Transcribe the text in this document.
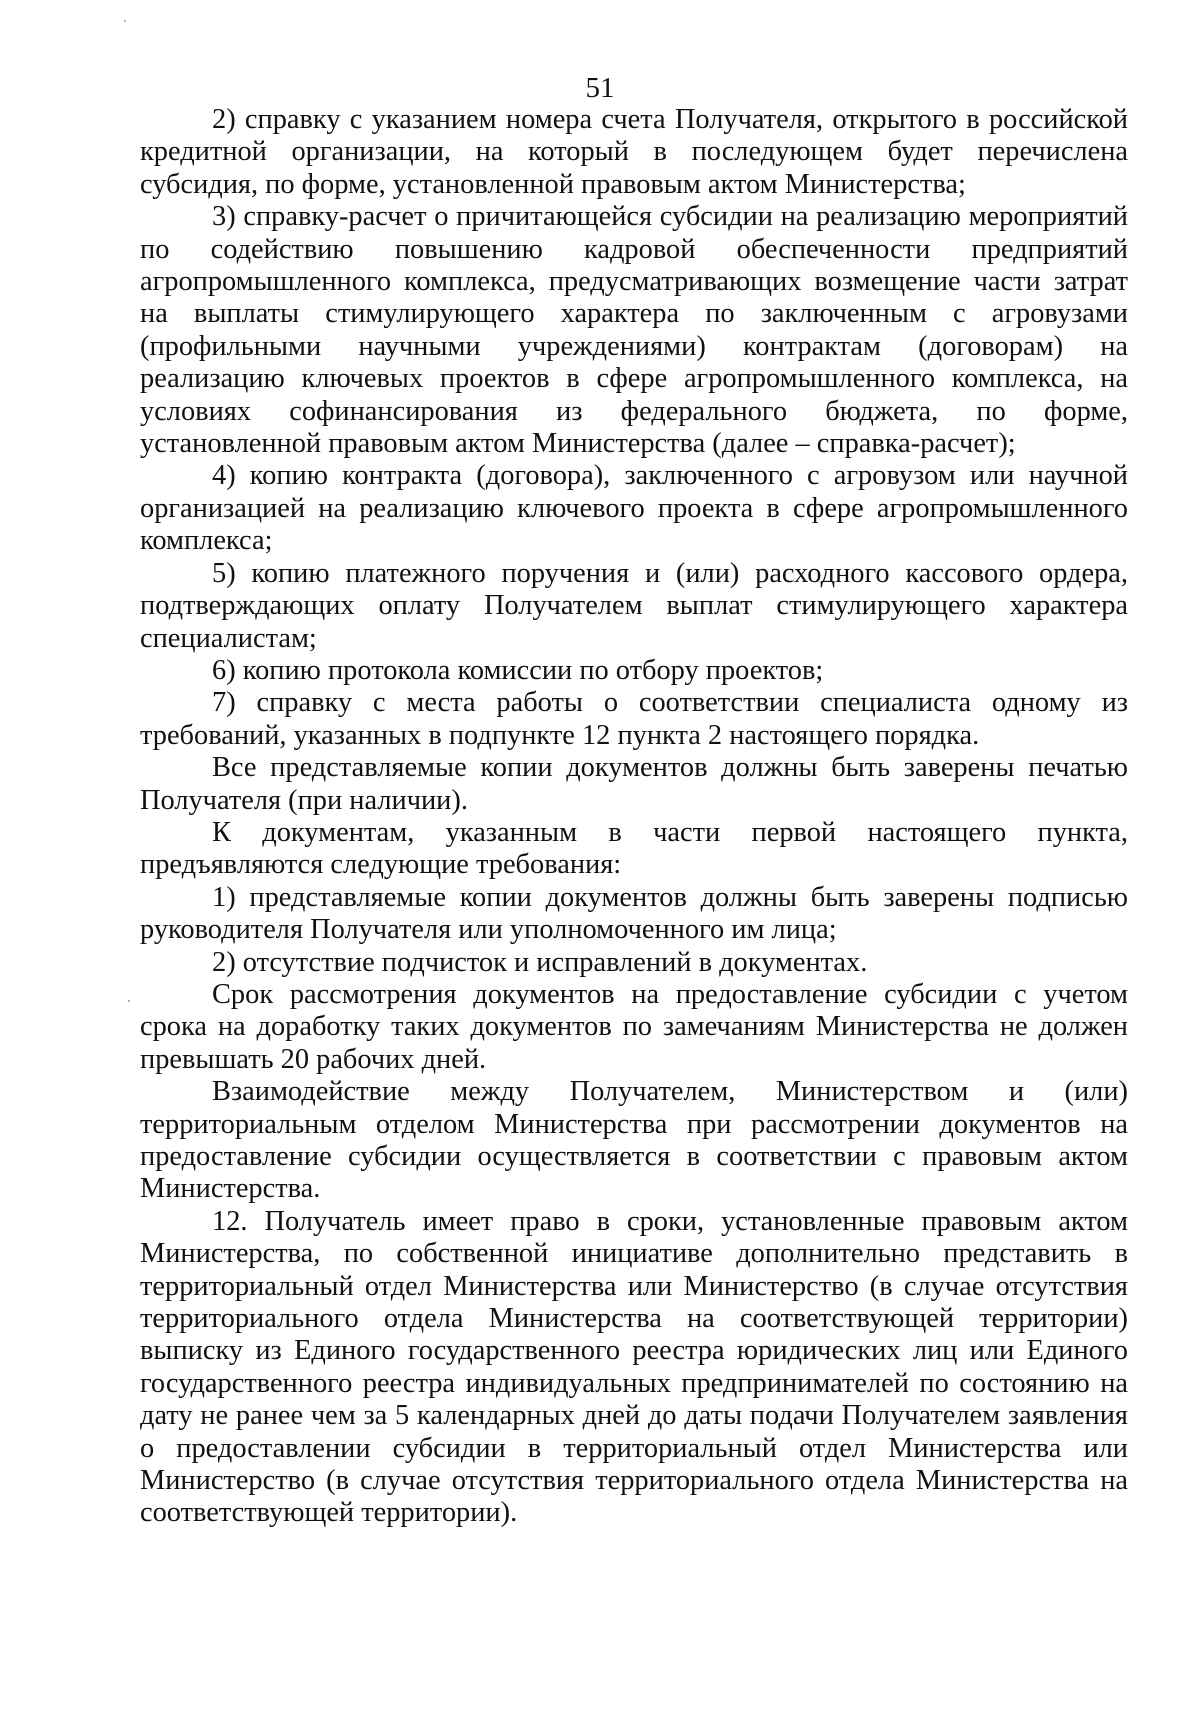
51

2) справку с указанием номера счета Получателя, открытого в российской кредитной организации, на который в последующем будет перечислена субсидия, по форме, установленной правовым актом Министерства;

3) справку-расчет о причитающейся субсидии на реализацию мероприятий по содействию повышению кадровой обеспеченности предприятий агропромышленного комплекса, предусматривающих возмещение части затрат на выплаты стимулирующего характера по заключенным с агровузами (профильными научными учреждениями) контрактам (договорам) на реализацию ключевых проектов в сфере агропромышленного комплекса, на условиях софинансирования из федерального бюджета, по форме, установленной правовым актом Министерства (далее – справка-расчет);

4) копию контракта (договора), заключенного с агровузом или научной организацией на реализацию ключевого проекта в сфере агропромышленного комплекса;

5) копию платежного поручения и (или) расходного кассового ордера, подтверждающих оплату Получателем выплат стимулирующего характера специалистам;

6) копию протокола комиссии по отбору проектов;

7) справку с места работы о соответствии специалиста одному из требований, указанных в подпункте 12 пункта 2 настоящего порядка.

Все представляемые копии документов должны быть заверены печатью Получателя (при наличии).

К документам, указанным в части первой настоящего пункта, предъявляются следующие требования:

1) представляемые копии документов должны быть заверены подписью руководителя Получателя или уполномоченного им лица;

2) отсутствие подчисток и исправлений в документах.

Срок рассмотрения документов на предоставление субсидии с учетом срока на доработку таких документов по замечаниям Министерства не должен превышать 20 рабочих дней.

Взаимодействие между Получателем, Министерством и (или) территориальным отделом Министерства при рассмотрении документов на предоставление субсидии осуществляется в соответствии с правовым актом Министерства.

12. Получатель имеет право в сроки, установленные правовым актом Министерства, по собственной инициативе дополнительно представить в территориальный отдел Министерства или Министерство (в случае отсутствия территориального отдела Министерства на соответствующей территории) выписку из Единого государственного реестра юридических лиц или Единого государственного реестра индивидуальных предпринимателей по состоянию на дату не ранее чем за 5 календарных дней до даты подачи Получателем заявления о предоставлении субсидии в территориальный отдел Министерства или Министерство (в случае отсутствия территориального отдела Министерства на соответствующей территории).
